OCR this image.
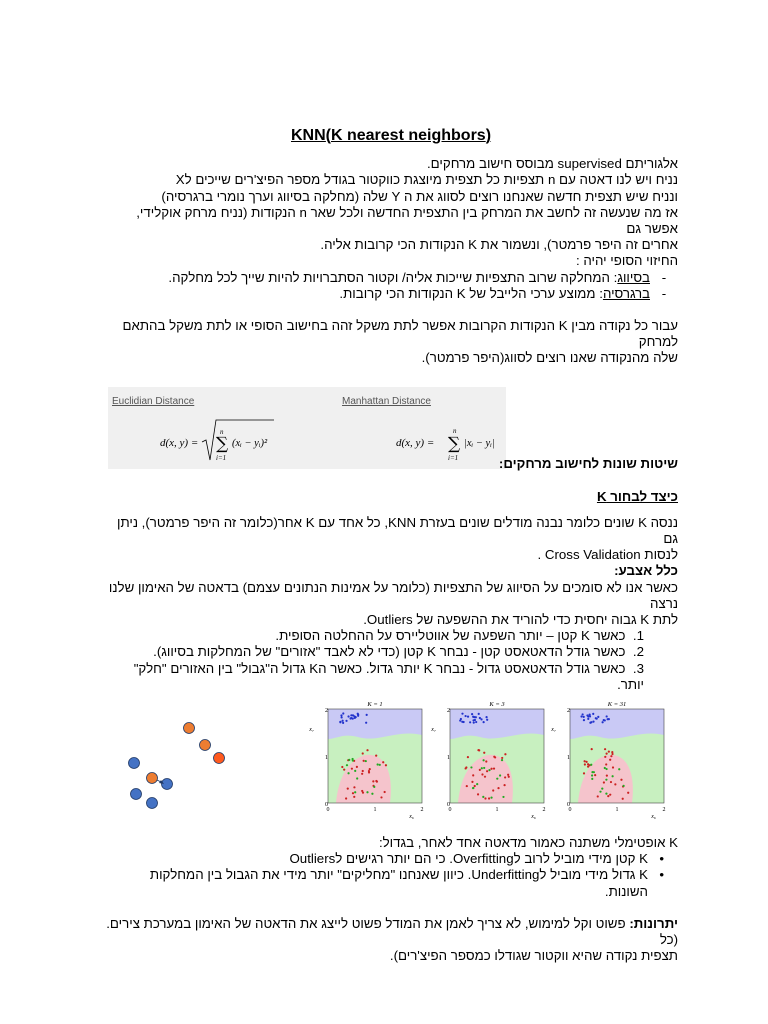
(K nearest neighbors)KNN

אלגוריתם supervised מבוסס חישוב מרחקים.

נניח ויש לנו דאטה עם n תצפיות כל תצפית מיוצגת כווקטור בגודל מספר הפיצ'רים שייכים לX

ונניח שיש תצפית חדשה שאנחנו רוצים לסווג את ה Y שלה (מחלקה בסיווג וערך נומרי ברגרסיה)

אז מה שנעשה זה לחשב את המרחק בין התצפית החדשה ולכל שאר n הנקודות (נניח מרחק אוקלידי, אפשר גם

אחרים זה היפר פרמטר), ונשמור את K הנקודות הכי קרובות אליה.

החיזוי הסופי יהיה :

-
בסיווג: המחלקה שרוב התצפיות שייכות אליה/ וקטור הסתברויות להיות שייך לכל מחלקה.
-
ברגרסיה: ממוצע ערכי הלייבל של K הנקודות הכי קרובות.

עבור כל נקודה מבין K הנקודות הקרובות אפשר לתת משקל זהה בחישוב הסופי או לתת משקל בהתאם למרחק

שלה מהנקודה שאנו רוצים לסווג(היפר פרמטר).

Euclidian Distance	Manhattan Distance
d(x, y) =
n
∑
i=1
(xᵢ − yᵢ)²	d(x, y) =
n
∑
i=1
|xᵢ − yᵢ|
שיטות שונות לחישוב מרחקים:

כיצד לבחור K

ננסה K שונים כלומר נבנה מודלים שונים בעזרת KNN, כל אחד עם K אחר(כלומר זה היפר פרמטר), ניתן גם

לנסות Cross Validation .

כלל אצבע:

כאשר אנו לא סומכים על הסיווג של התצפיות (כלומר על אמינות הנתונים עצמם) בדאטה של האימון שלנו נרצה

לתת K גבוה יחסית כדי להוריד את ההשפעה של Outliers.

1.  כאשר K קטן – יותר השפעה של אווטליירס על ההחלטה הסופית.
2.  כאשר גודל הדאטאסט קטן - נבחר K קטן (כדי לא לאבד "אזורים" של המחלקות בסיווג).
3.  כאשר גודל הדאטאסט גדול - נבחר K יותר גדול. כאשר הK גדול ה"גבול" בין האזורים "חלק" יותר.
K = 1
2
1
0
0	1	2
x₆
x₇
K = 3
2
1
0
0	1	2
x₆
x₇
K = 31
2
1
0
0	1	2
x₆
x₇

K אופטימלי משתנה כאמור מדאטה אחד לאחר, בגדול:

• K קטן מידי מוביל לרוב לOverfitting. כי הם יותר רגישים לOutliers
• K גדול מידי מוביל לUnderfitting. כיוון שאנחנו "מחליקים" יותר מידי את הגבול בין המחלקות השונות.

יתרונות: פשוט וקל למימוש, לא צריך לאמן את המודל פשוט לייצג את הדאטה של האימון במערכת צירים.(כל

תצפית נקודה שהיא ווקטור שגודלו כמספר הפיצ'רים).
